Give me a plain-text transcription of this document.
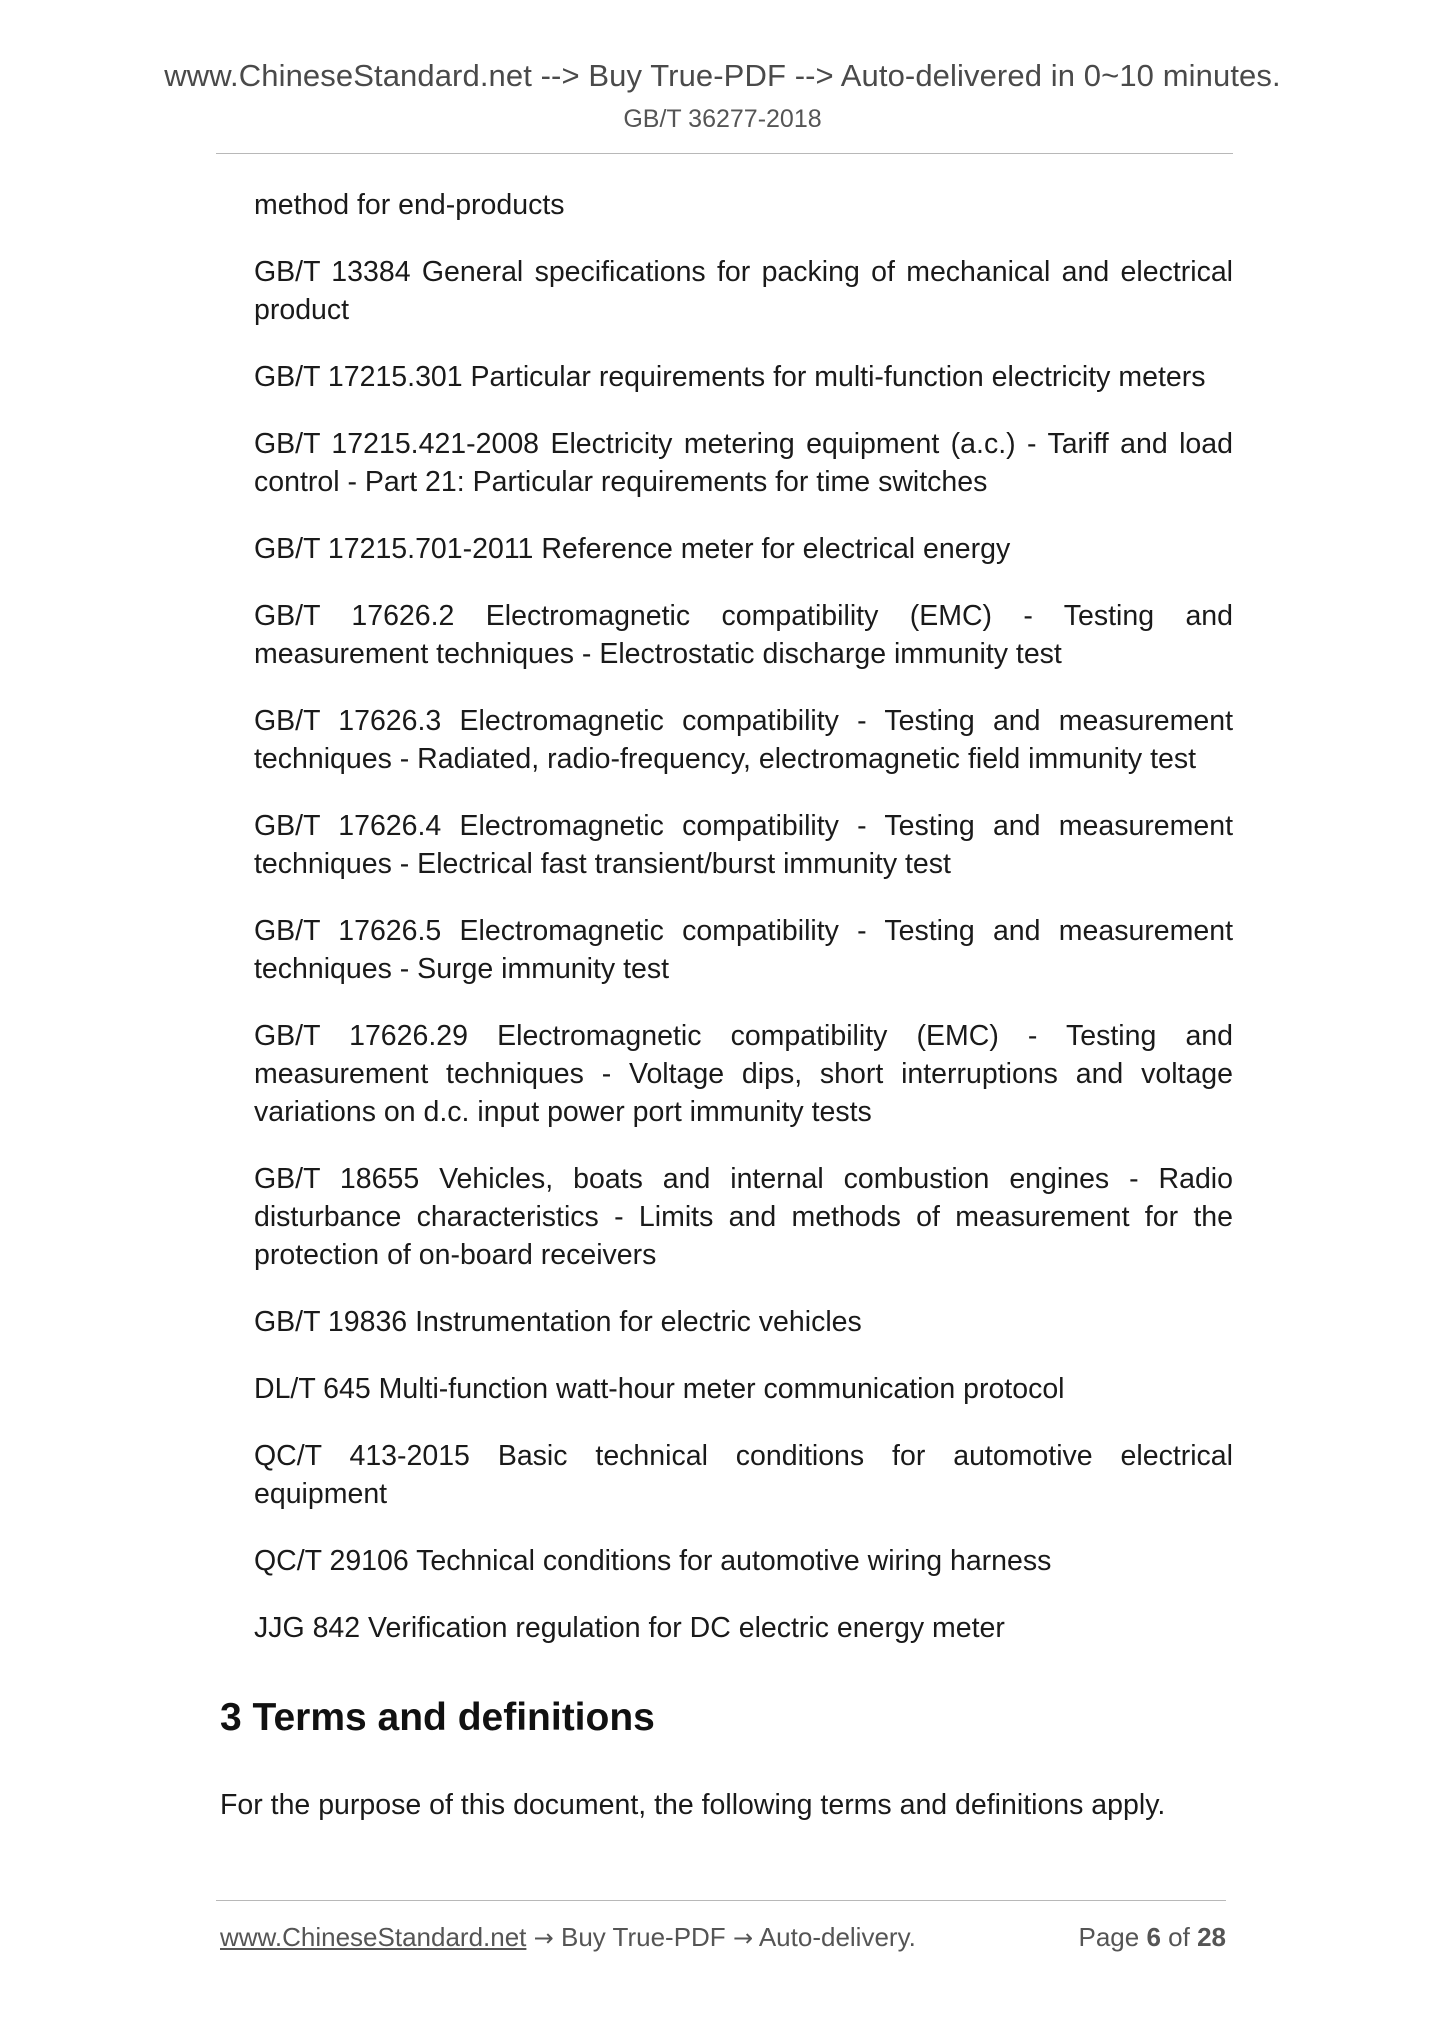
www.ChineseStandard.net --> Buy True-PDF --> Auto-delivered in 0~10 minutes.
GB/T 36277-2018

method for end-products

GB/T 13384 General specifications for packing of mechanical and electrical product

GB/T 17215.301 Particular requirements for multi-function electricity meters

GB/T 17215.421-2008 Electricity metering equipment (a.c.) - Tariff and load control - Part 21: Particular requirements for time switches

GB/T 17215.701-2011 Reference meter for electrical energy

GB/T 17626.2 Electromagnetic compatibility (EMC) - Testing and measurement techniques - Electrostatic discharge immunity test

GB/T 17626.3 Electromagnetic compatibility - Testing and measurement techniques - Radiated, radio-frequency, electromagnetic field immunity test

GB/T 17626.4 Electromagnetic compatibility - Testing and measurement techniques - Electrical fast transient/burst immunity test

GB/T 17626.5 Electromagnetic compatibility - Testing and measurement techniques - Surge immunity test

GB/T 17626.29 Electromagnetic compatibility (EMC) - Testing and measurement techniques - Voltage dips, short interruptions and voltage variations on d.c. input power port immunity tests

GB/T 18655 Vehicles, boats and internal combustion engines - Radio disturbance characteristics - Limits and methods of measurement for the protection of on-board receivers

GB/T 19836 Instrumentation for electric vehicles

DL/T 645 Multi-function watt-hour meter communication protocol

QC/T 413-2015 Basic technical conditions for automotive electrical equipment

QC/T 29106 Technical conditions for automotive wiring harness

JJG 842 Verification regulation for DC electric energy meter

3 Terms and definitions

For the purpose of this document, the following terms and definitions apply.

www.ChineseStandard.net → Buy True-PDF → Auto-delivery.	Page 6 of 28
